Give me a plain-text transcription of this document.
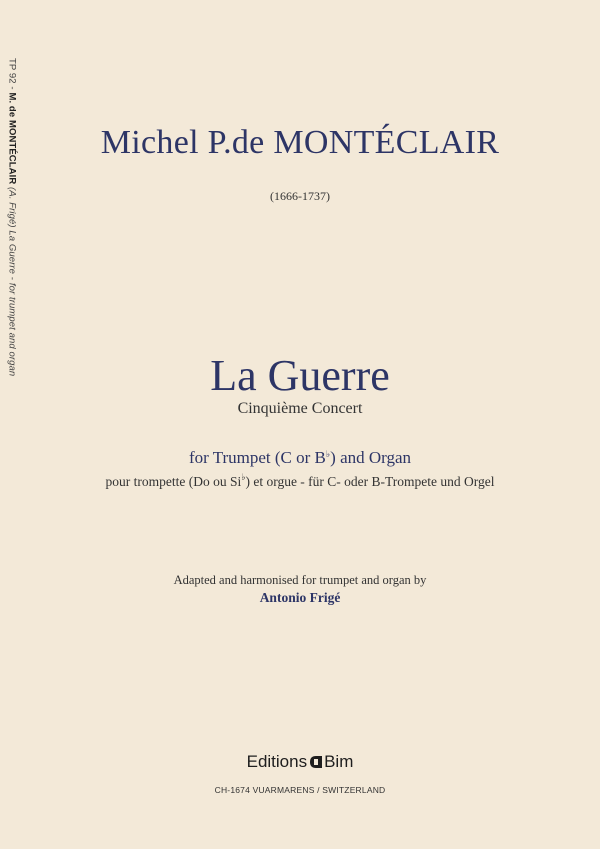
TP 92 - M. de MONTÉCLAIR (A. Frigé) La Guerre - for trumpet and organ
Michel P.de MONTÉCLAIR
(1666-1737)
La Guerre
Cinquième Concert
for Trumpet (C or B♭) and Organ
pour trompette (Do ou Si♭) et orgue - für C- oder B-Trompete und Orgel
Adapted and harmonised for trumpet and organ by
Antonio Frigé
Editions Bim
CH-1674 VUARMARENS / SWITZERLAND
